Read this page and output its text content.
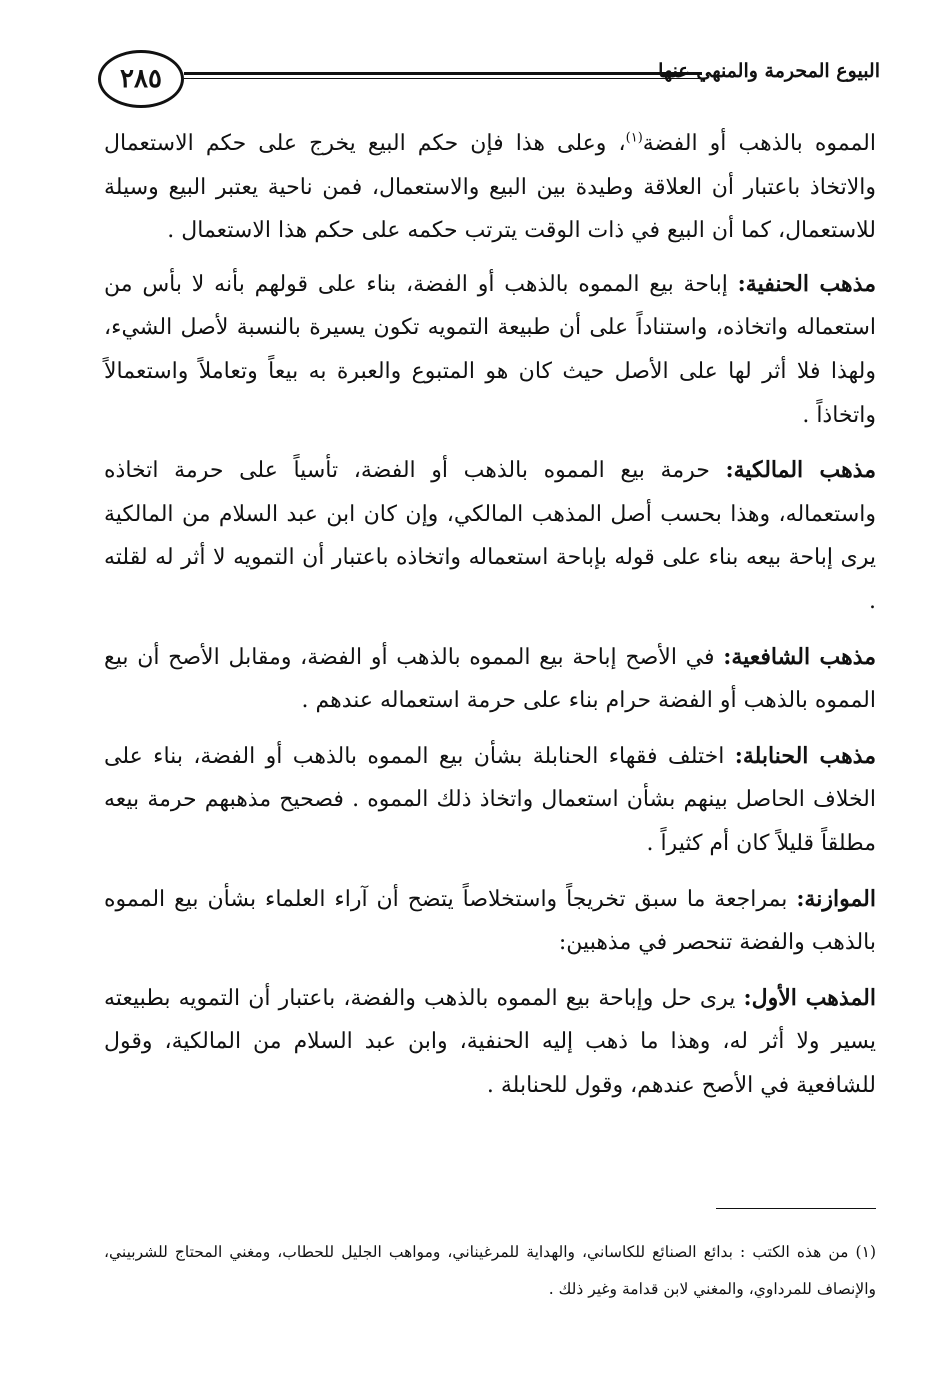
٢٨٥	البيوع المحرمة والمنهي عنها

المموه بالذهب أو الفضة$^{(١)}$، وعلى هذا فإن حكم البيع يخرج على حكم الاستعمال والاتخاذ باعتبار أن العلاقة وطيدة بين البيع والاستعمال، فمن ناحية يعتبر البيع وسيلة للاستعمال، كما أن البيع في ذات الوقت يترتب حكمه على حكم هذا الاستعمال .

مذهب الحنفية: إباحة بيع المموه بالذهب أو الفضة، بناء على قولهم بأنه لا بأس من استعماله واتخاذه، واستناداً على أن طبيعة التمويه تكون يسيرة بالنسبة لأصل الشيء، ولهذا فلا أثر لها على الأصل حيث كان هو المتبوع والعبرة به بيعاً وتعاملاً واستعمالاً واتخاذاً .

مذهب المالكية: حرمة بيع المموه بالذهب أو الفضة، تأسياً على حرمة اتخاذه واستعماله، وهذا بحسب أصل المذهب المالكي، وإن كان ابن عبد السلام من المالكية يرى إباحة بيعه بناء على قوله بإباحة استعماله واتخاذه باعتبار أن التمويه لا أثر له لقلته .

مذهب الشافعية: في الأصح إباحة بيع المموه بالذهب أو الفضة، ومقابل الأصح أن بيع المموه بالذهب أو الفضة حرام بناء على حرمة استعماله عندهم .

مذهب الحنابلة: اختلف فقهاء الحنابلة بشأن بيع المموه بالذهب أو الفضة، بناء على الخلاف الحاصل بينهم بشأن استعمال واتخاذ ذلك المموه . فصحيح مذهبهم حرمة بيعه مطلقاً قليلاً كان أم كثيراً .

الموازنة: بمراجعة ما سبق تخريجاً واستخلاصاً يتضح أن آراء العلماء بشأن بيع المموه بالذهب والفضة تنحصر في مذهبين:

المذهب الأول: يرى حل وإباحة بيع المموه بالذهب والفضة، باعتبار أن التمويه بطبيعته يسير ولا أثر له، وهذا ما ذهب إليه الحنفية، وابن عبد السلام من المالكية، وقول للشافعية في الأصح عندهم، وقول للحنابلة .

(١) من هذه الكتب : بدائع الصنائع للكاساني، والهداية للمرغيناني، ومواهب الجليل للحطاب، ومغني المحتاج للشربيني، والإنصاف للمرداوي، والمغني لابن قدامة وغير ذلك .
